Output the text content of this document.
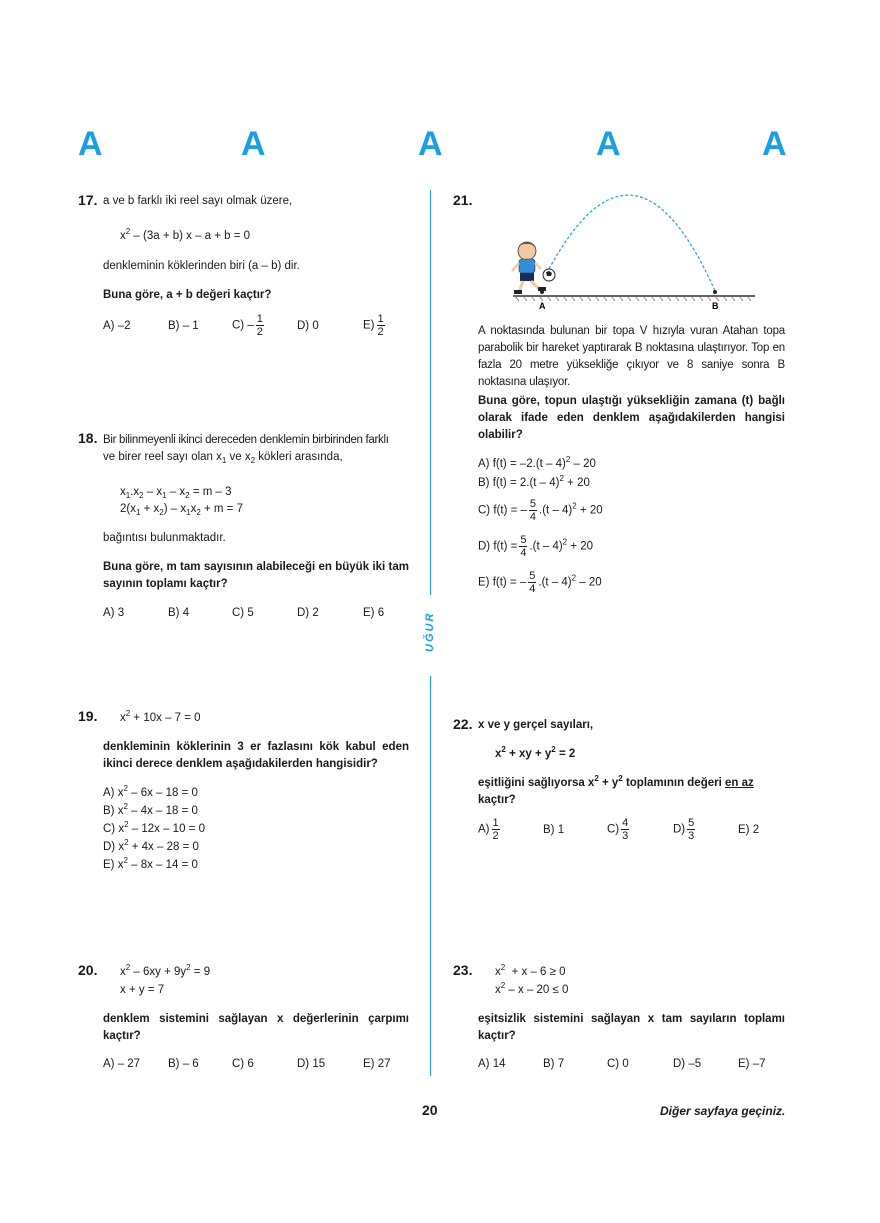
A	A	A	A	A
UĞUR
17. a ve b farklı iki reel sayı olmak üzere,
$x^2 - (3a + b)$ x – a + b = 0
denkleminin köklerinden biri (a – b) dir.
Buna göre, a + b değeri kaçtır?
A) –2	B) – 1	$C) - \frac{1}{2}$	D) 0	$E) \frac{1}{2}$
18. Bir bilinmeyenli ikinci dereceden denklemin birbirinden farklı
ve birer reel sayı olan $x_1$ ve $x_2$ kökleri arasında,
$x_1.x_2 - x_1 - x_2 = m - 3$
$2(x_1 + x_2) - x_1x_2 + m = 7$
bağıntısı bulunmaktadır.
Buna göre, m tam sayısının alabileceği en büyük iki tam sayının toplamı kaçtır?
A) 3	B) 4	C) 5	D) 2	E) 6
19. $x^2 + 10x - 7 = 0$
denkleminin köklerinin 3 er fazlasını kök kabul eden ikinci derece denklem aşağıdakilerden hangisidir?
A) $x^2 - 6x - 18 = 0$
B) $x^2 - 4x - 18 = 0$
C) $x^2 - 12x - 10 = 0$
D) $x^2 + 4x - 28 = 0$
E) $x^2 - 8x - 14 = 0$
20. $x^2 - 6xy + 9y^2 = 9$
x + y = 7
denklem sistemini sağlayan x değerlerinin çarpımı kaçtır?
A) – 27 B) – 6	C) 6	D) 15	E) 27
21.
A	B
A noktasında bulunan bir topa V hızıyla vuran Atahan topa parabolik bir hareket yaptırarak B noktasına ulaştırıyor. Top en fazla 20 metre yüksekliğe çıkıyor ve 8 saniye sonra B noktasına ulaşıyor.
Buna göre, topun ulaştığı yüksekliğin zamana (t) bağlı olarak ifade eden denklem aşağıdakilerden hangisi olabilir?
A) f(t) = –2.(t – 4)$^2$ – 20
B) f(t) = 2.(t – 4)$^2$ + 20
C) f(t) = – $\frac{5}{4} .(t - 4)^2 + 20$
D) $f(t) = \frac{5}{4} .(t - 4)^2 + 20$
E) f(t) = – $\frac{5}{4} .(t - 4)^2 - 20$
22. x ve y gerçel sayıları,
$x^2$ + xy + $y^2 = 2$
eşitliğini sağlıyorsa $x^2 + y^2$ toplamının değeri en az
kaçtır?
$A) \frac{1}{2}$	B) 1	$C) \frac{4}{3}$	$D) \frac{5}{3}$	E) 2
23. $x^2 + x - 6 \ge 0$
$x^2 - x - 20 \le 0$
eşitsizlik sistemini sağlayan x tam sayıların toplamı kaçtır?
A) 14	B) 7	C) 0	D) –5	E) –7
20	Diğer sayfaya geçiniz.
